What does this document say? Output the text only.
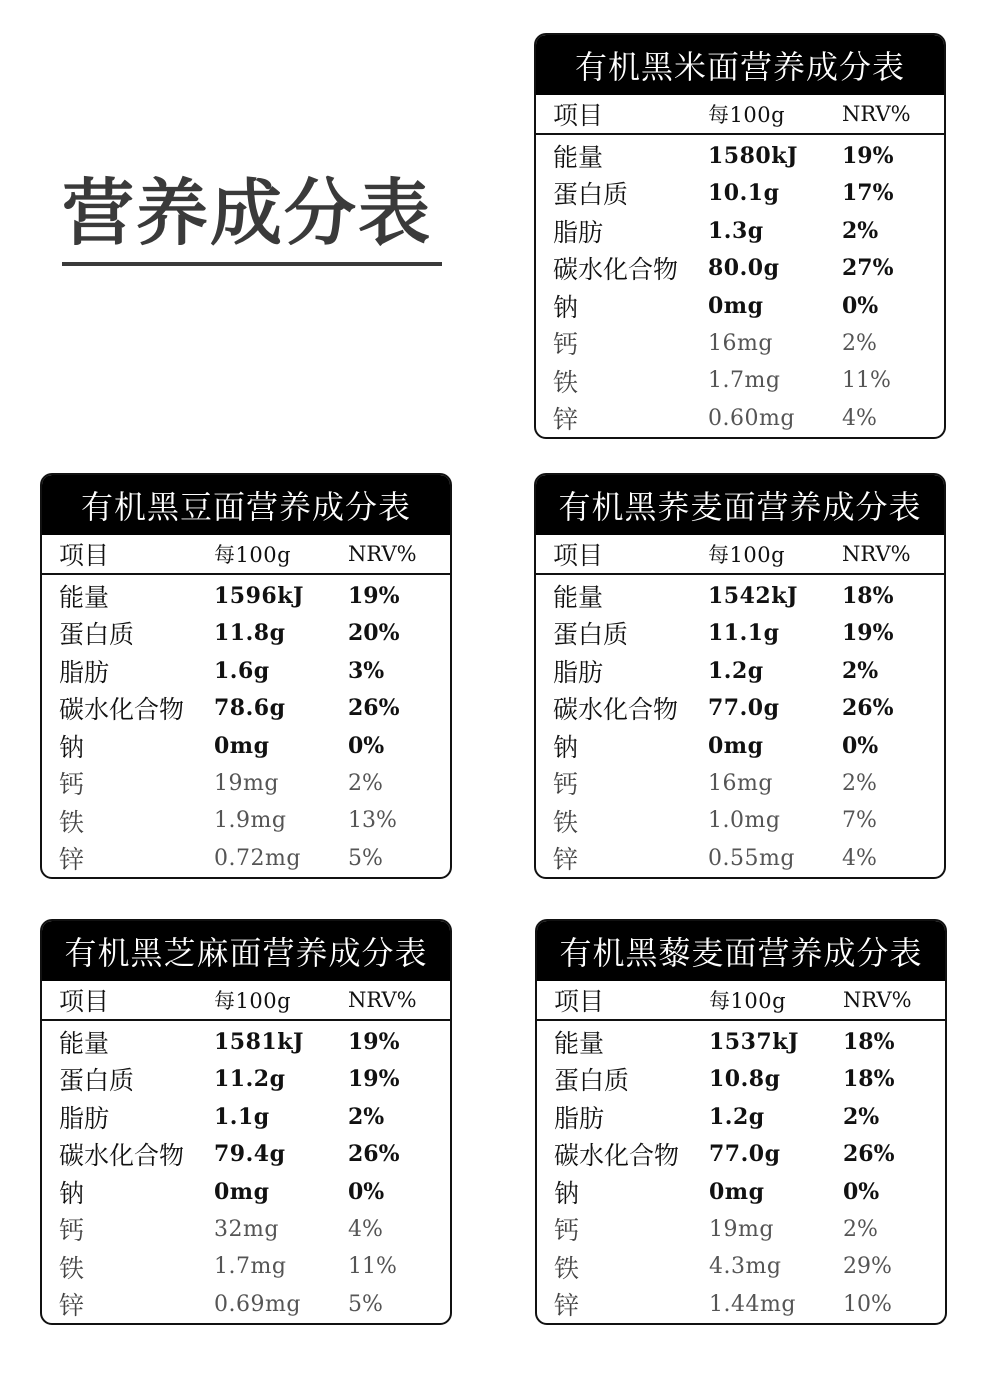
营养成分表
有机黑米面营养成分表
项目	每100g	NRV%
能量	1580kJ	19%
蛋白质	10.1g	17%
脂肪	1.3g	2%
碳水化合物	80.0g	27%
钠	0mg	0%
钙	16mg	2%
铁	1.7mg	11%
锌	0.60mg	4%
有机黑豆面营养成分表
项目	每100g	NRV%
能量	1596kJ	19%
蛋白质	11.8g	20%
脂肪	1.6g	3%
碳水化合物	78.6g	26%
钠	0mg	0%
钙	19mg	2%
铁	1.9mg	13%
锌	0.72mg	5%
有机黑荞麦面营养成分表
项目	每100g	NRV%
能量	1542kJ	18%
蛋白质	11.1g	19%
脂肪	1.2g	2%
碳水化合物	77.0g	26%
钠	0mg	0%
钙	16mg	2%
铁	1.0mg	7%
锌	0.55mg	4%
有机黑芝麻面营养成分表
项目	每100g	NRV%
能量	1581kJ	19%
蛋白质	11.2g	19%
脂肪	1.1g	2%
碳水化合物	79.4g	26%
钠	0mg	0%
钙	32mg	4%
铁	1.7mg	11%
锌	0.69mg	5%
有机黑藜麦面营养成分表
项目	每100g	NRV%
能量	1537kJ	18%
蛋白质	10.8g	18%
脂肪	1.2g	2%
碳水化合物	77.0g	26%
钠	0mg	0%
钙	19mg	2%
铁	4.3mg	29%
锌	1.44mg	10%
